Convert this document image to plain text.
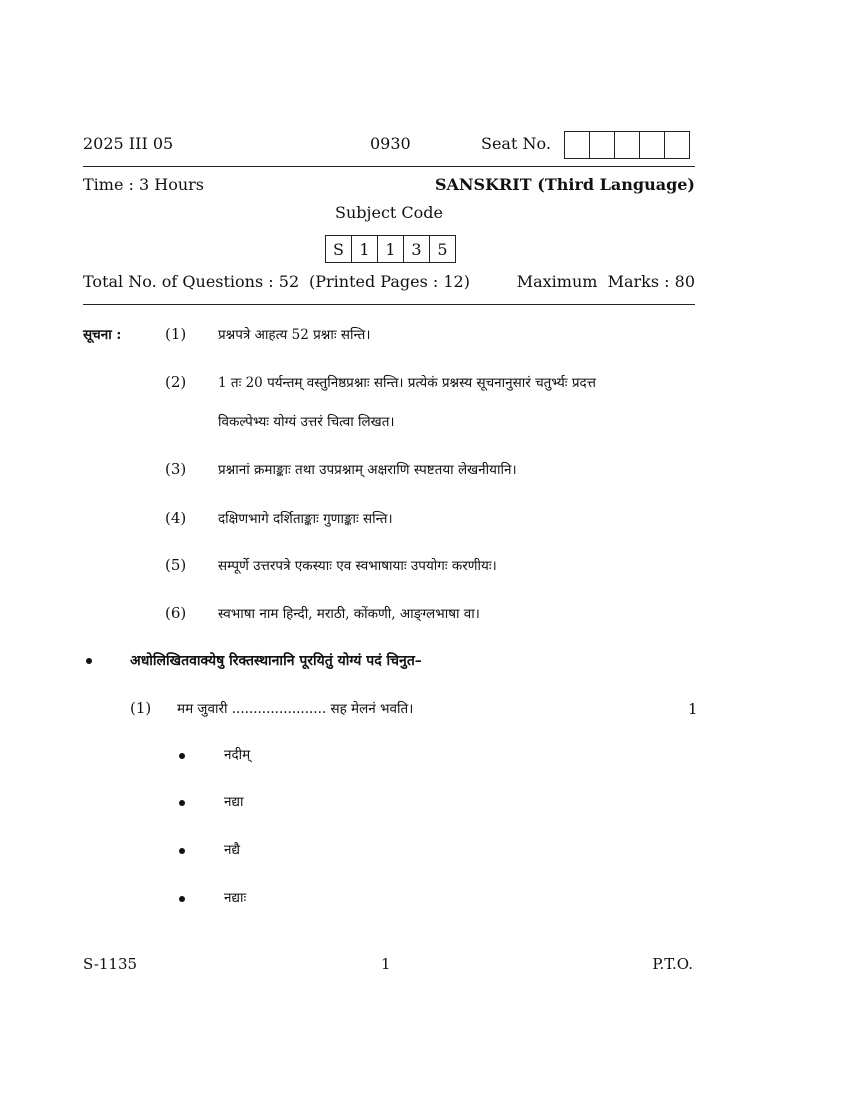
2025 III 05	0930	Seat No.
Time : 3 Hours	SANSKRIT (Third Language)
Subject Code
S 1 1 3 5
Total No. of Questions : 52 (Printed Pages : 12)	Maximum  Marks : 80
सूचना :	(1) प्रश्नपत्रे आहत्य 52 प्रश्नाः सन्ति।
(2) 1 तः 20 पर्यन्तम् वस्तुनिष्ठप्रश्नाः सन्ति। प्रत्येकं प्रश्नस्य सूचनानुसारं चतुर्भ्यः प्रदत्त
विकल्पेभ्यः योग्यं उत्तरं चित्वा लिखत।
(3) प्रश्नानां क्रमाङ्काः तथा उपप्रश्नाम् अक्षराणि स्पष्टतया लेखनीयानि।
(4) दक्षिणभागे दर्शिताङ्काः गुणाङ्काः सन्ति।
(5) सम्पूर्णे उत्तरपत्रे एकस्याः एव स्वभाषायाः उपयोगः करणीयः।
(6) स्वभाषा नाम हिन्दी, मराठी, कोंकणी, आङ्ग्लभाषा वा।
अधोलिखितवाक्येषु रिक्तस्थानानि पूरयितुं योग्यं पदं चिनुत–
(1) मम जुवारी ...................... सह मेलनं भवति।	1
नदीम्
नद्या
नद्यै
नद्याः
S-1135	1	P.T.O.
